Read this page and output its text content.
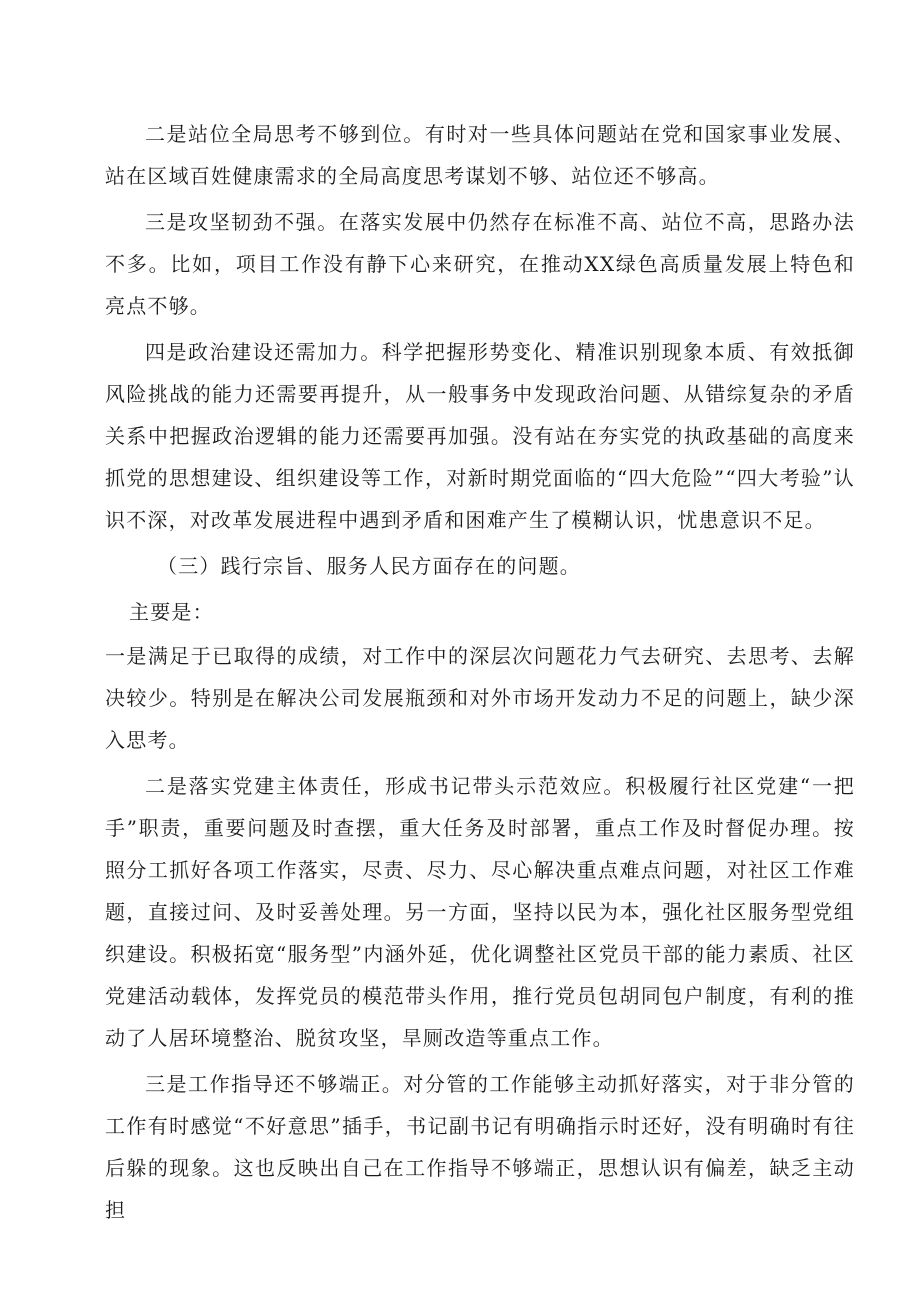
二是站位全局思考不够到位。有时对一些具体问题站在党和国家事业发展、站在区域百姓健康需求的全局高度思考谋划不够、站位还不够高。

三是攻坚韧劲不强。在落实发展中仍然存在标准不高、站位不高，思路办法不多。比如，项目工作没有静下心来研究，在推动XX绿色高质量发展上特色和亮点不够。

四是政治建设还需加力。科学把握形势变化、精准识别现象本质、有效抵御风险挑战的能力还需要再提升，从一般事务中发现政治问题、从错综复杂的矛盾关系中把握政治逻辑的能力还需要再加强。没有站在夯实党的执政基础的高度来抓党的思想建设、组织建设等工作，对新时期党面临的“四大危险”“四大考验”认识不深，对改革发展进程中遇到矛盾和困难产生了模糊认识，忧患意识不足。

（三）践行宗旨、服务人民方面存在的问题。

主要是：

一是满足于已取得的成绩，对工作中的深层次问题花力气去研究、去思考、去解决较少。特别是在解决公司发展瓶颈和对外市场开发动力不足的问题上，缺少深入思考。

二是落实党建主体责任，形成书记带头示范效应。积极履行社区党建“一把手”职责，重要问题及时查摆，重大任务及时部署，重点工作及时督促办理。按照分工抓好各项工作落实，尽责、尽力、尽心解决重点难点问题，对社区工作难题，直接过问、及时妥善处理。另一方面，坚持以民为本，强化社区服务型党组织建设。积极拓宽“服务型”内涵外延，优化调整社区党员干部的能力素质、社区党建活动载体，发挥党员的模范带头作用，推行党员包胡同包户制度，有利的推动了人居环境整治、脱贫攻坚，旱厕改造等重点工作。

三是工作指导还不够端正。对分管的工作能够主动抓好落实，对于非分管的工作有时感觉“不好意思”插手，书记副书记有明确指示时还好，没有明确时有往后躲的现象。这也反映出自己在工作指导不够端正，思想认识有偏差，缺乏主动担
